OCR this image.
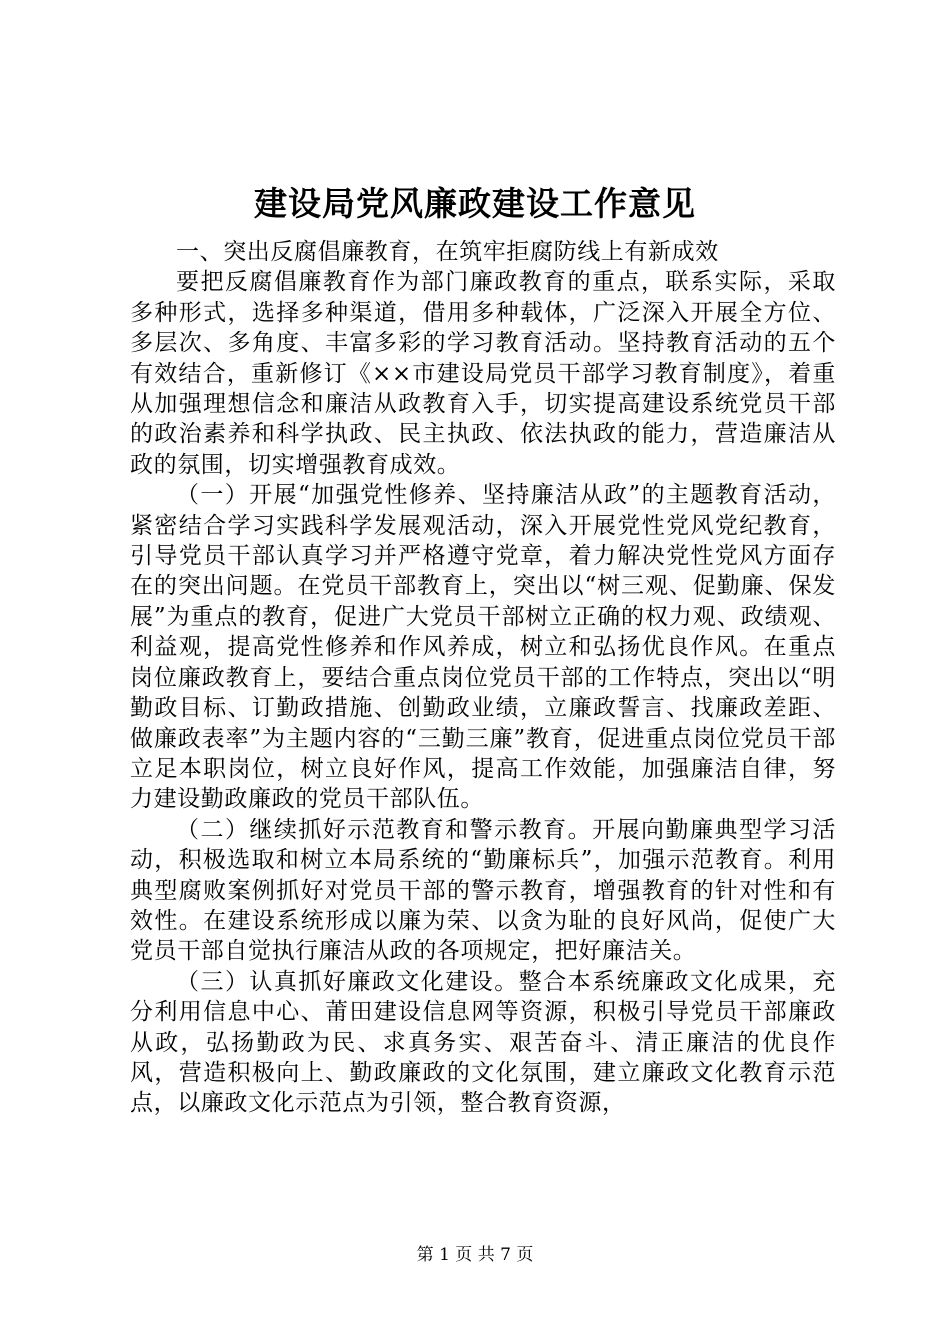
建设局党风廉政建设工作意见

一、突出反腐倡廉教育，在筑牢拒腐防线上有新成效

要把反腐倡廉教育作为部门廉政教育的重点，联系实际，采取多种形式，选择多种渠道，借用多种载体，广泛深入开展全方位、多层次、多角度、丰富多彩的学习教育活动。坚持教育活动的五个有效结合，重新修订《××市建设局党员干部学习教育制度》，着重从加强理想信念和廉洁从政教育入手，切实提高建设系统党员干部的政治素养和科学执政、民主执政、依法执政的能力，营造廉洁从政的氛围，切实增强教育成效。

（一）开展“加强党性修养、坚持廉洁从政”的主题教育活动，紧密结合学习实践科学发展观活动，深入开展党性党风党纪教育，引导党员干部认真学习并严格遵守党章，着力解决党性党风方面存在的突出问题。在党员干部教育上，突出以“树三观、促勤廉、保发展”为重点的教育，促进广大党员干部树立正确的权力观、政绩观、利益观，提高党性修养和作风养成，树立和弘扬优良作风。在重点岗位廉政教育上，要结合重点岗位党员干部的工作特点，突出以“明勤政目标、订勤政措施、创勤政业绩，立廉政誓言、找廉政差距、做廉政表率”为主题内容的“三勤三廉”教育，促进重点岗位党员干部立足本职岗位，树立良好作风，提高工作效能，加强廉洁自律，努力建设勤政廉政的党员干部队伍。

（二）继续抓好示范教育和警示教育。开展向勤廉典型学习活动，积极选取和树立本局系统的“勤廉标兵”，加强示范教育。利用典型腐败案例抓好对党员干部的警示教育，增强教育的针对性和有效性。在建设系统形成以廉为荣、以贪为耻的良好风尚，促使广大党员干部自觉执行廉洁从政的各项规定，把好廉洁关。

（三）认真抓好廉政文化建设。整合本系统廉政文化成果，充分利用信息中心、莆田建设信息网等资源，积极引导党员干部廉政从政，弘扬勤政为民、求真务实、艰苦奋斗、清正廉洁的优良作风，营造积极向上、勤政廉政的文化氛围，建立廉政文化教育示范点，以廉政文化示范点为引领，整合教育资源，

第 1 页 共 7 页
